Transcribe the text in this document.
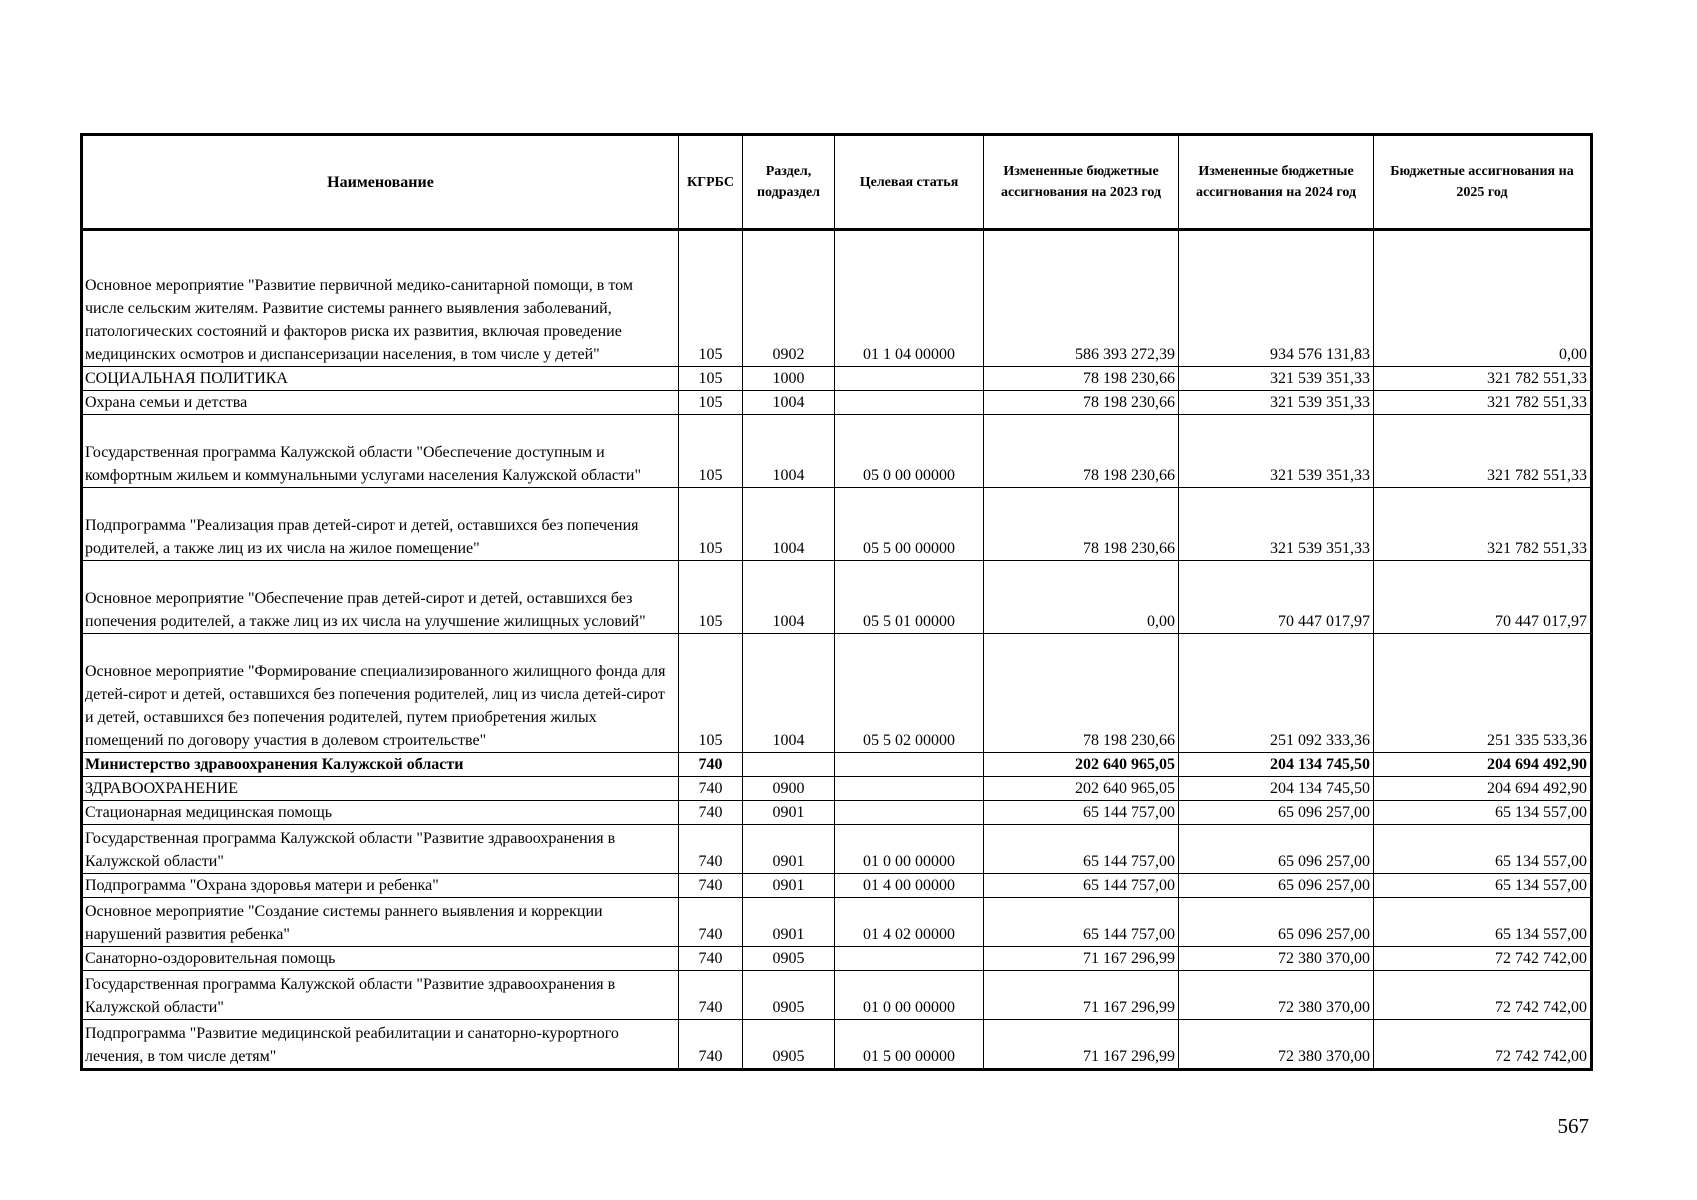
Наименование	КГРБС	Раздел, подраздел	Целевая статья	Измененные бюджетные ассигнования на 2023 год	Измененные бюджетные ассигнования на 2024 год	Бюджетные ассигнования на 2025 год
Основное мероприятие "Развитие первичной медико-санитарной помощи, в том числе сельским жителям. Развитие системы раннего выявления заболеваний, патологических состояний и факторов риска их развития, включая проведение медицинских осмотров и диспансеризации населения, в том числе у детей"	105	0902	01 1 04 00000	586 393 272,39	934 576 131,83	0,00
СОЦИАЛЬНАЯ ПОЛИТИКА	105	1000		78 198 230,66	321 539 351,33	321 782 551,33
Охрана семьи и детства	105	1004		78 198 230,66	321 539 351,33	321 782 551,33
Государственная программа Калужской области "Обеспечение доступным и комфортным жильем и коммунальными услугами населения Калужской области"	105	1004	05 0 00 00000	78 198 230,66	321 539 351,33	321 782 551,33
Подпрограмма "Реализация прав детей-сирот и детей, оставшихся без попечения родителей, а также лиц из их числа на жилое помещение"	105	1004	05 5 00 00000	78 198 230,66	321 539 351,33	321 782 551,33
Основное мероприятие "Обеспечение прав детей-сирот и детей, оставшихся без попечения родителей, а также лиц из их числа на улучшение жилищных условий"	105	1004	05 5 01 00000	0,00	70 447 017,97	70 447 017,97
Основное мероприятие "Формирование специализированного жилищного фонда для детей-сирот и детей, оставшихся без попечения родителей, лиц из числа детей-сирот и детей, оставшихся без попечения родителей, путем приобретения жилых помещений по договору участия в долевом строительстве"	105	1004	05 5 02 00000	78 198 230,66	251 092 333,36	251 335 533,36
Министерство здравоохранения Калужской области	740			202 640 965,05	204 134 745,50	204 694 492,90
ЗДРАВООХРАНЕНИЕ	740	0900		202 640 965,05	204 134 745,50	204 694 492,90
Стационарная медицинская помощь	740	0901		65 144 757,00	65 096 257,00	65 134 557,00
Государственная программа Калужской области "Развитие здравоохранения в Калужской области"	740	0901	01 0 00 00000	65 144 757,00	65 096 257,00	65 134 557,00
Подпрограмма "Охрана здоровья матери и ребенка"	740	0901	01 4 00 00000	65 144 757,00	65 096 257,00	65 134 557,00
Основное мероприятие "Создание системы раннего выявления и коррекции нарушений развития ребенка"	740	0901	01 4 02 00000	65 144 757,00	65 096 257,00	65 134 557,00
Санаторно-оздоровительная помощь	740	0905		71 167 296,99	72 380 370,00	72 742 742,00
Государственная программа Калужской области "Развитие здравоохранения в Калужской области"	740	0905	01 0 00 00000	71 167 296,99	72 380 370,00	72 742 742,00
Подпрограмма "Развитие медицинской реабилитации и санаторно-курортного лечения, в том числе детям"	740	0905	01 5 00 00000	71 167 296,99	72 380 370,00	72 742 742,00
567
